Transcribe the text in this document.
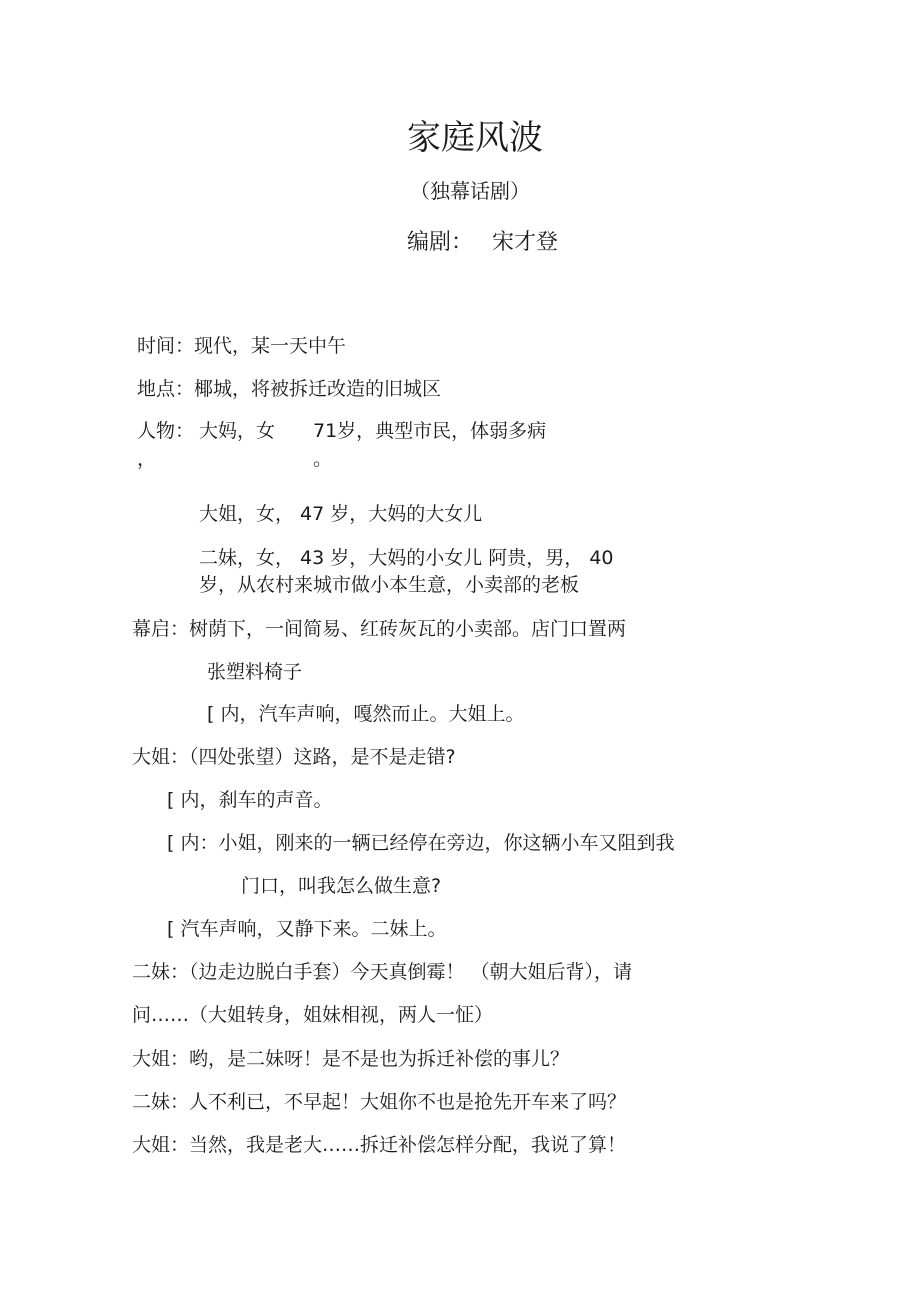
家庭风波
（独幕话剧）
编剧： 宋才登
时间：现代，某一天中午
地点：椰城，将被拆迁改造的旧城区
人物： 大妈，女 71岁，典型市民，体弱多病
，	。
大姐，女， 47 岁，大妈的大女儿
二妹，女， 43 岁，大妈的小女儿 阿贵，男， 40
岁，从农村来城市做小本生意，小卖部的老板
幕启：树荫下，一间简易、红砖灰瓦的小卖部。店门口置两
张塑料椅子
[ 内，汽车声响，嘎然而止。大姐上。
大姐：（四处张望）这路，是不是走错?
[ 内，刹车的声音。
[ 内：小姐，刚来的一辆已经停在旁边，你这辆小车又阻到我
门口，叫我怎么做生意?
[ 汽车声响，又静下来。二妹上。
二妹：（边走边脱白手套）今天真倒霉！ （朝大姐后背），请
问……（大姐转身，姐妹相视，两人一怔）
大姐：哟，是二妹呀！是不是也为拆迁补偿的事儿？
二妹：人不利已，不早起！大姐你不也是抢先开车来了吗？
大姐：当然，我是老大……拆迁补偿怎样分配，我说了算！
